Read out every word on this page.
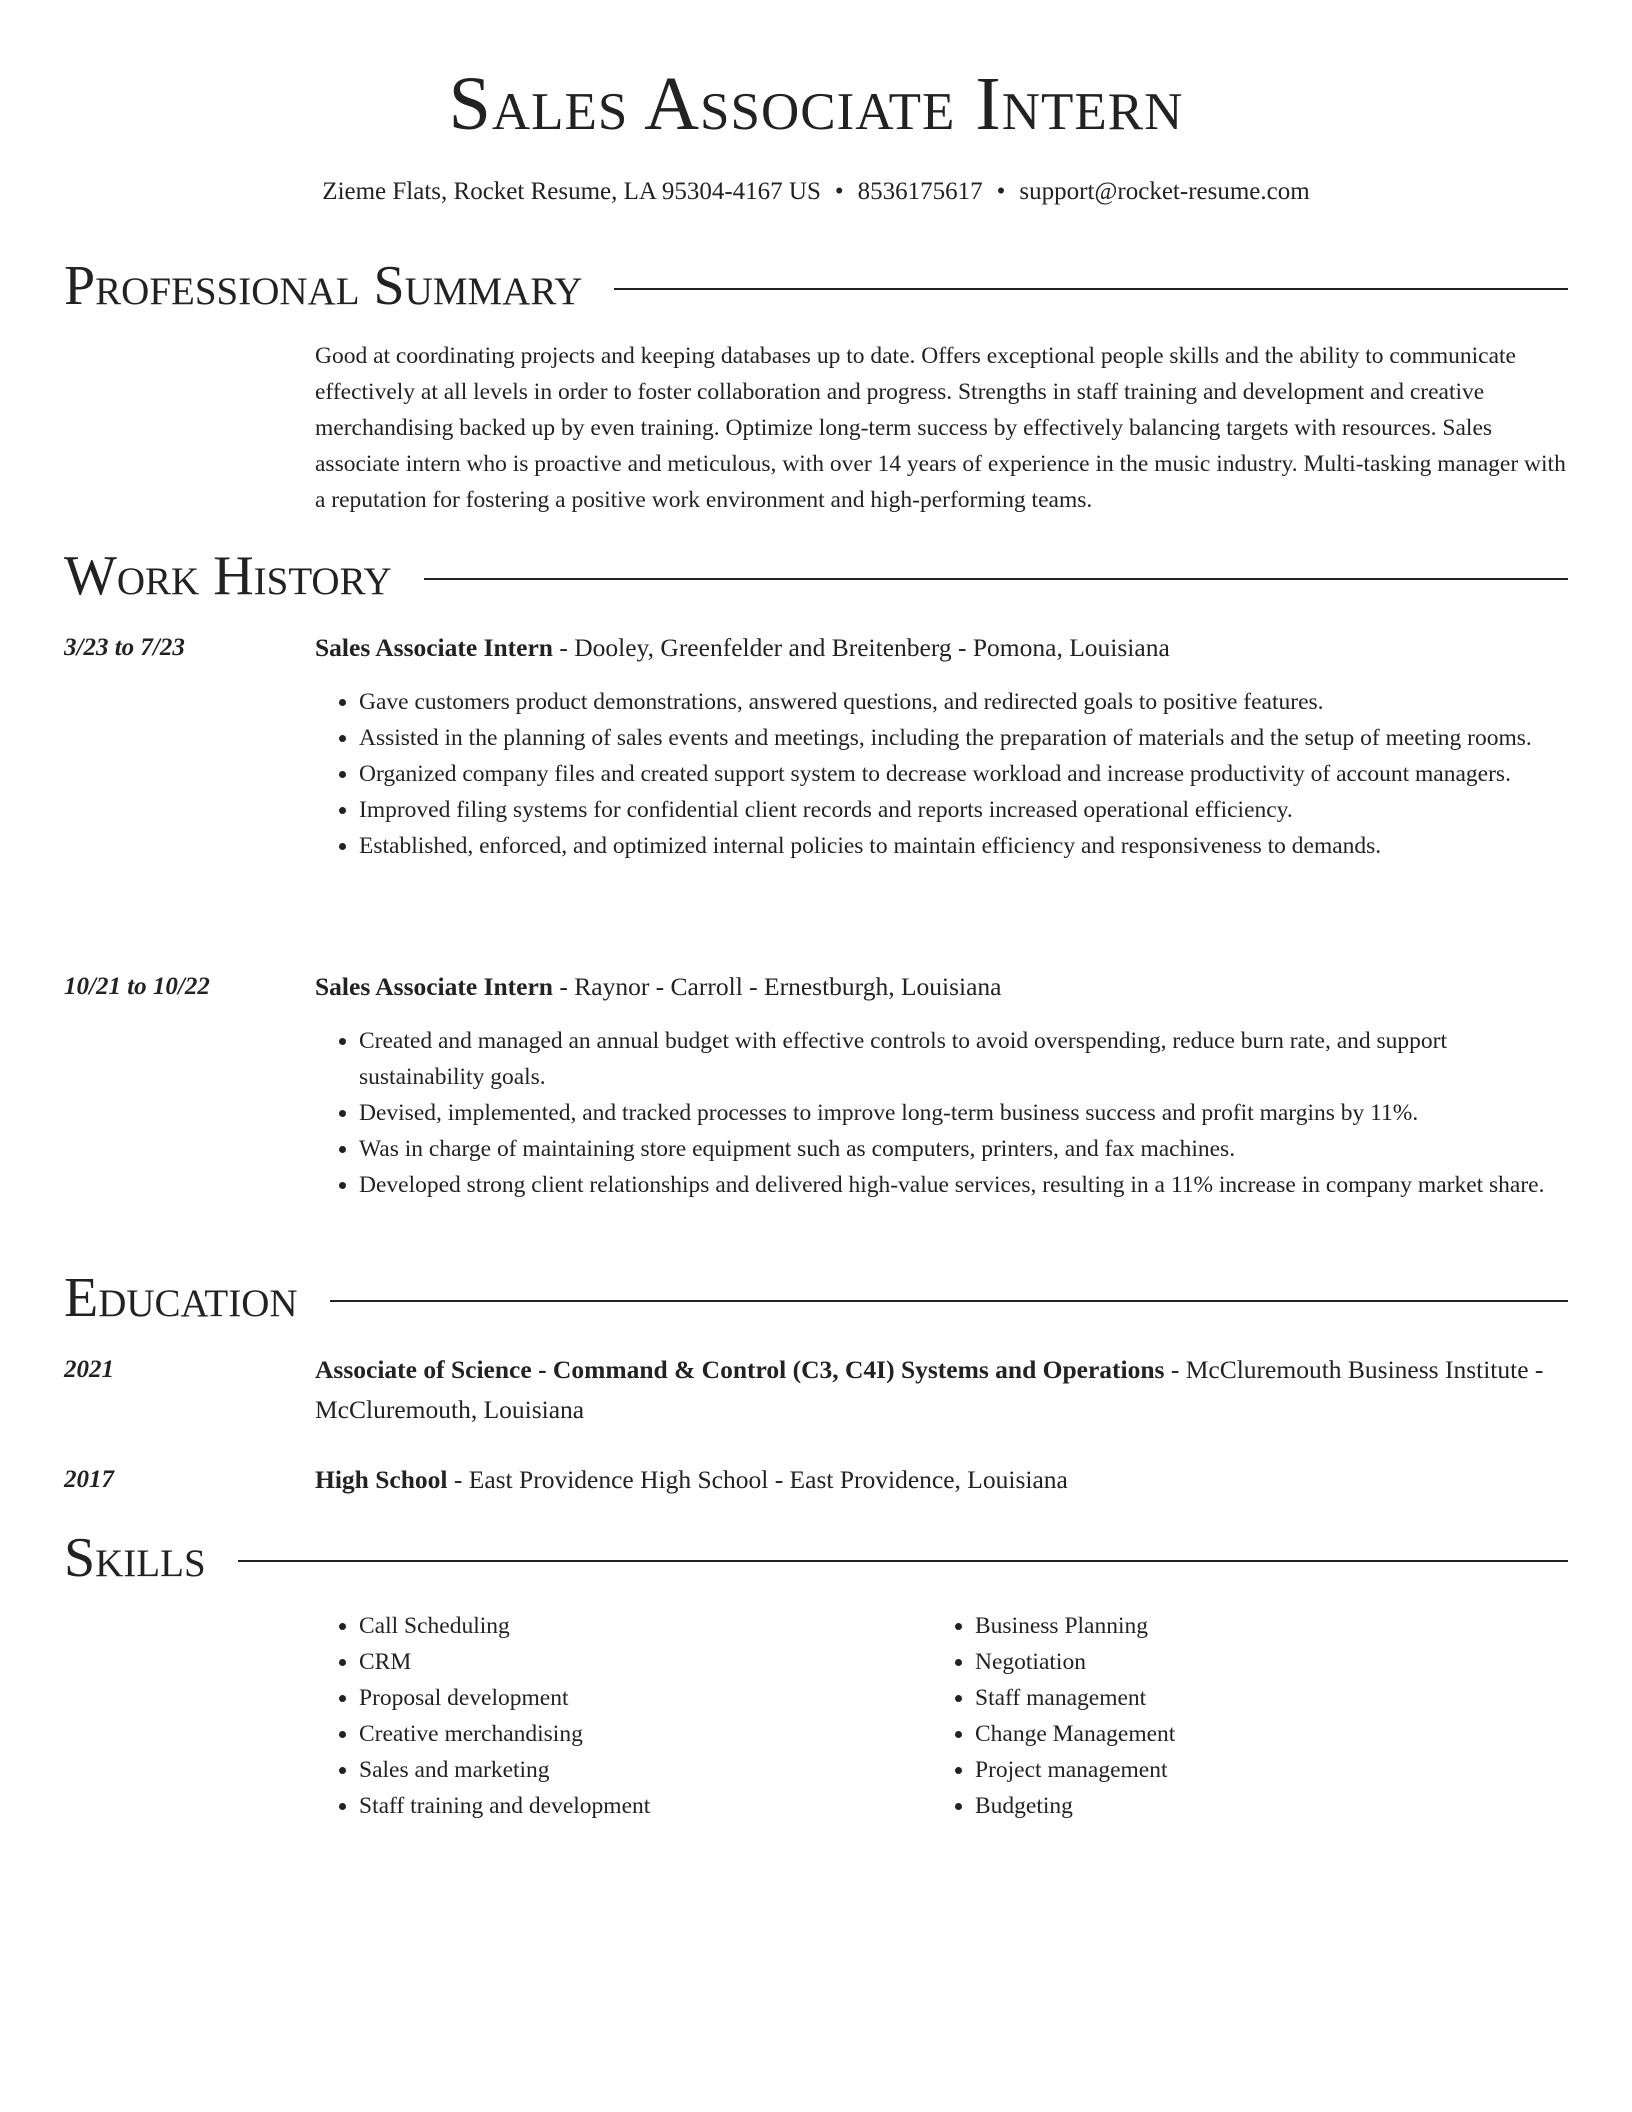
Sales Associate Intern
Zieme Flats, Rocket Resume, LA 95304-4167 US • 8536175617 • support@rocket-resume.com
Professional Summary
Good at coordinating projects and keeping databases up to date. Offers exceptional people skills and the ability to communicate effectively at all levels in order to foster collaboration and progress. Strengths in staff training and development and creative merchandising backed up by even training. Optimize long-term success by effectively balancing targets with resources. Sales associate intern who is proactive and meticulous, with over 14 years of experience in the music industry. Multi-tasking manager with a reputation for fostering a positive work environment and high-performing teams.
Work History
3/23 to 7/23	Sales Associate Intern - Dooley, Greenfelder and Breitenberg - Pomona, Louisiana
• Gave customers product demonstrations, answered questions, and redirected goals to positive features.
• Assisted in the planning of sales events and meetings, including the preparation of materials and the setup of meeting rooms.
• Organized company files and created support system to decrease workload and increase productivity of account managers.
• Improved filing systems for confidential client records and reports increased operational efficiency.
• Established, enforced, and optimized internal policies to maintain efficiency and responsiveness to demands.
10/21 to 10/22	Sales Associate Intern - Raynor - Carroll - Ernestburgh, Louisiana
• Created and managed an annual budget with effective controls to avoid overspending, reduce burn rate, and support sustainability goals.
• Devised, implemented, and tracked processes to improve long-term business success and profit margins by 11%.
• Was in charge of maintaining store equipment such as computers, printers, and fax machines.
• Developed strong client relationships and delivered high-value services, resulting in a 11% increase in company market share.
Education
2021	Associate of Science - Command & Control (C3, C4I) Systems and Operations - McCluremouth Business Institute - McCluremouth, Louisiana
2017	High School - East Providence High School - East Providence, Louisiana
Skills
• Call Scheduling
• CRM
• Proposal development
• Creative merchandising
• Sales and marketing
• Staff training and development
• Business Planning
• Negotiation
• Staff management
• Change Management
• Project management
• Budgeting
